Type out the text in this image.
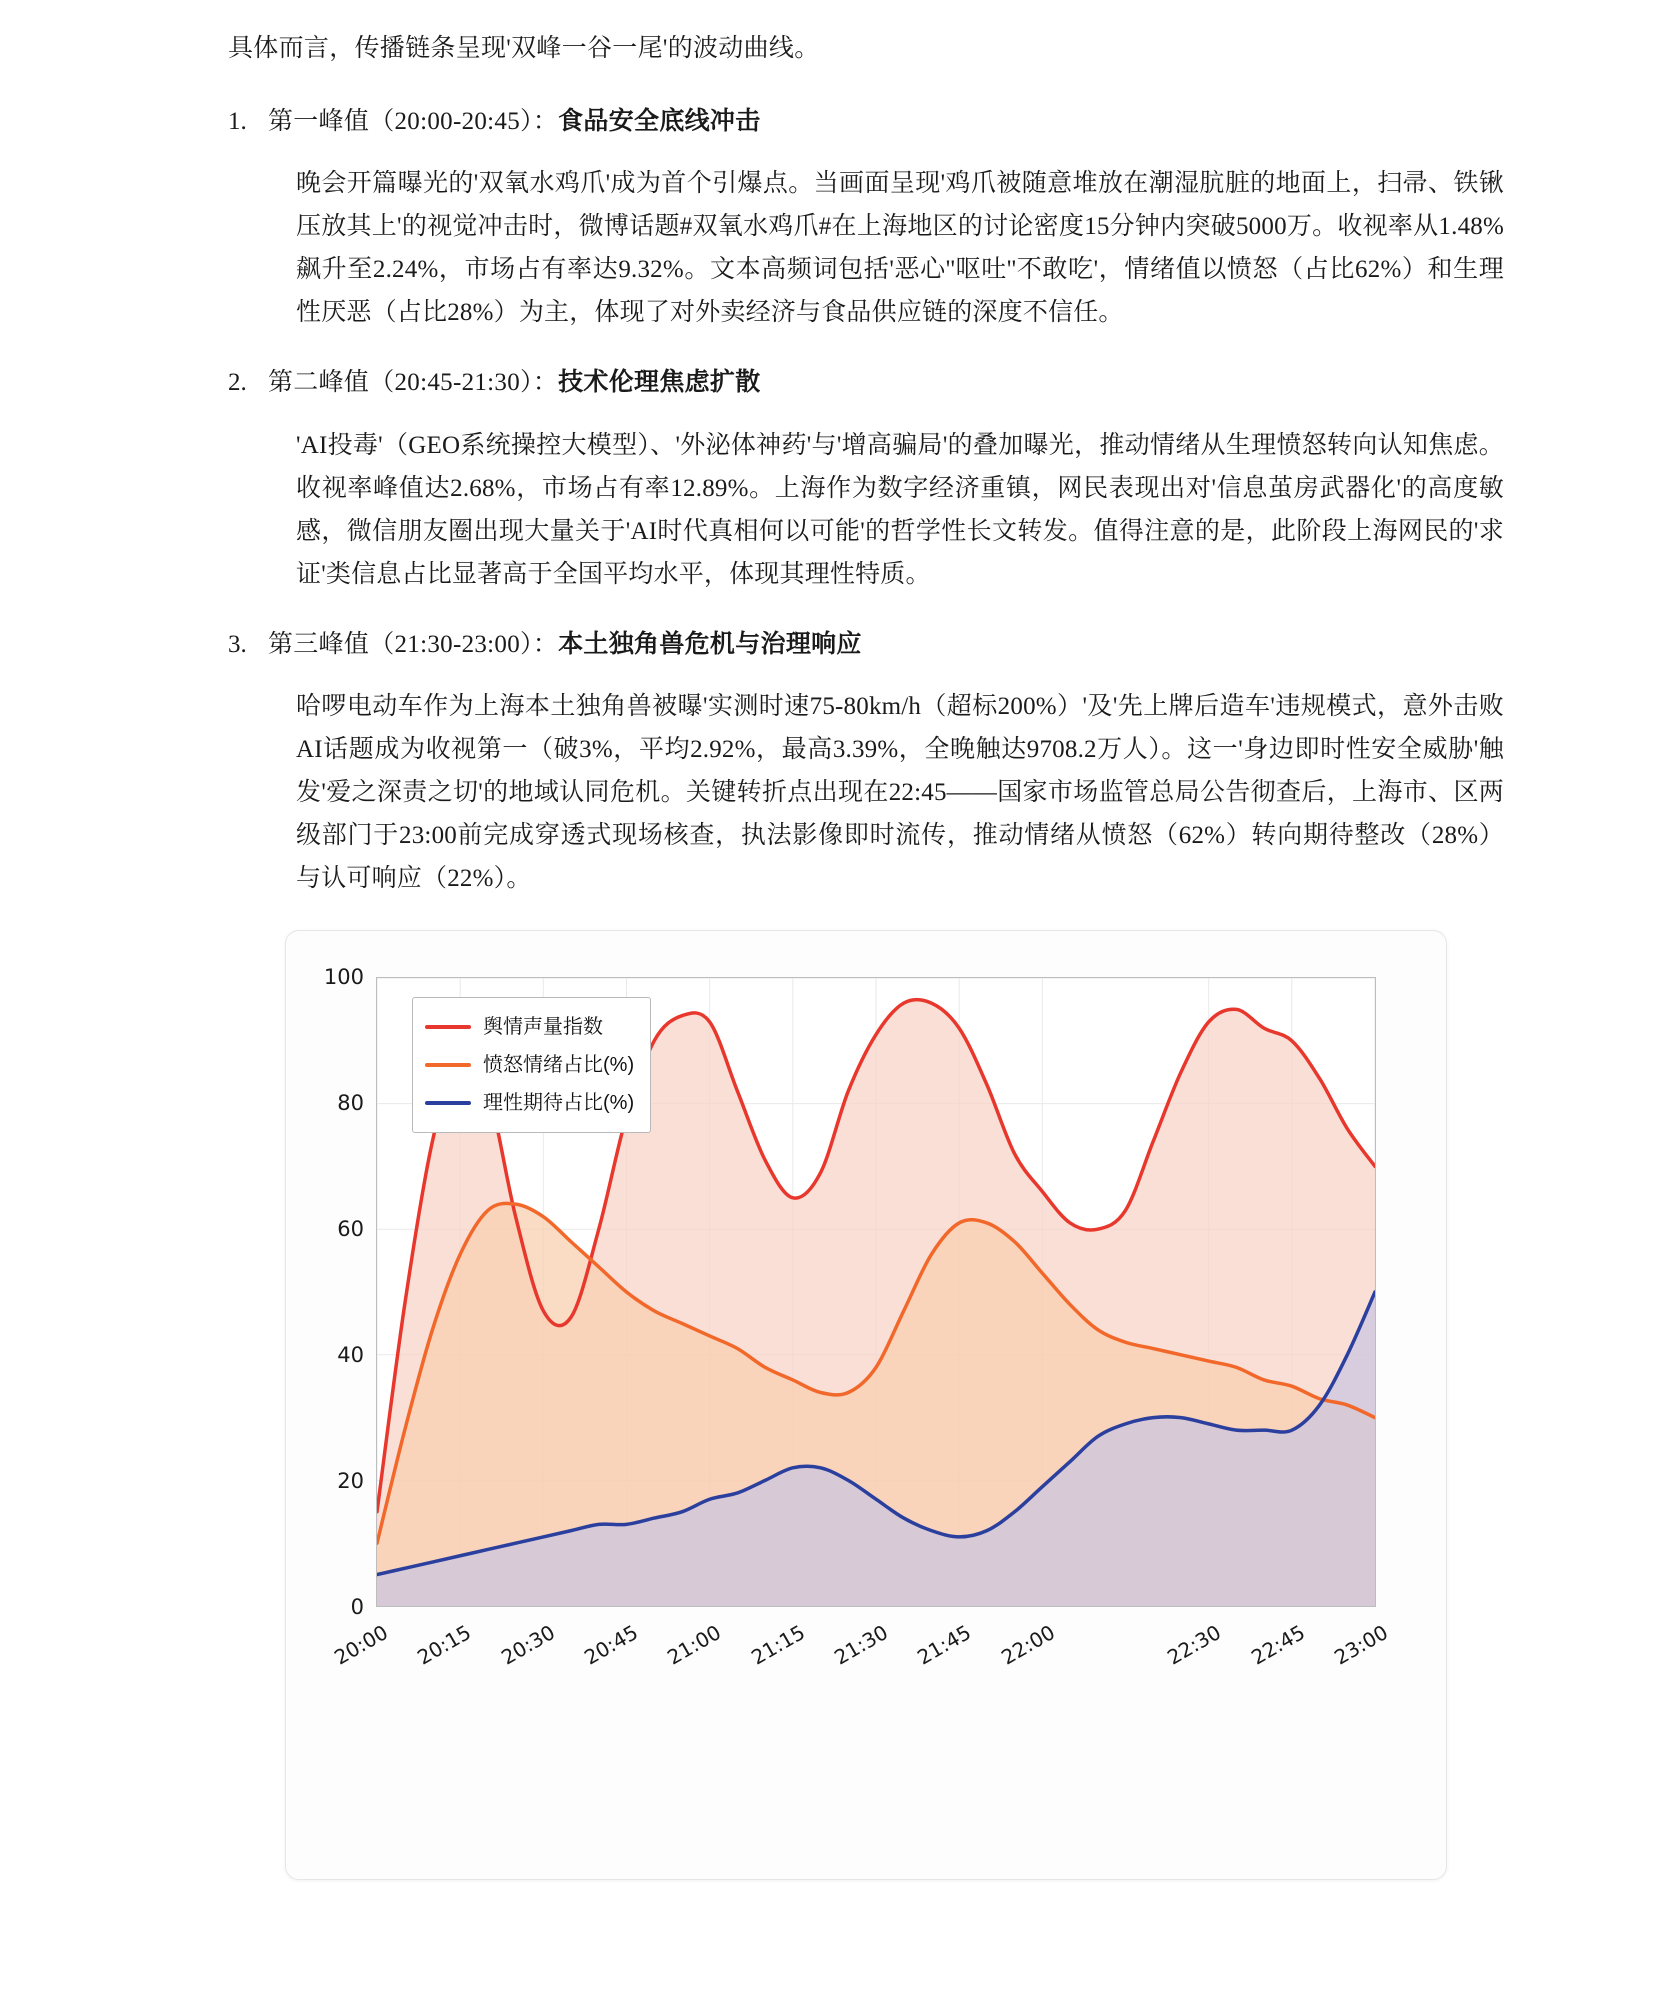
具体而言，传播链条呈现'双峰一谷一尾'的波动曲线。

第一峰值（20:00-20:45）：食品安全底线冲击

晚会开篇曝光的'双氧水鸡爪'成为首个引爆点。当画面呈现'鸡爪被随意堆放在潮湿肮脏的地面上，扫帚、铁锹压放其上'的视觉冲击时，微博话题#双氧水鸡爪#在上海地区的讨论密度15分钟内突破5000万。收视率从1.48%飙升至2.24%，市场占有率达9.32%。文本高频词包括'恶心''呕吐''不敢吃'，情绪值以愤怒（占比62%）和生理性厌恶（占比28%）为主，体现了对外卖经济与食品供应链的深度不信任。

第二峰值（20:45-21:30）：技术伦理焦虑扩散

'AI投毒'（GEO系统操控大模型）、'外泌体神药'与'增高骗局'的叠加曝光，推动情绪从生理愤怒转向认知焦虑。收视率峰值达2.68%，市场占有率12.89%。上海作为数字经济重镇，网民表现出对'信息茧房武器化'的高度敏感，微信朋友圈出现大量关于'AI时代真相何以可能'的哲学性长文转发。值得注意的是，此阶段上海网民的'求证'类信息占比显著高于全国平均水平，体现其理性特质。

第三峰值（21:30-23:00）：本土独角兽危机与治理响应

哈啰电动车作为上海本土独角兽被曝'实测时速75-80km/h（超标200%）'及'先上牌后造车'违规模式，意外击败AI话题成为收视第一（破3%，平均2.92%，最高3.39%，全晚触达9708.2万人）。这一'身边即时性安全威胁'触发'爱之深责之切'的地域认同危机。关键转折点出现在22:45——国家市场监管总局公告彻查后，上海市、区两级部门于23:00前完成穿透式现场核查，执法影像即时流传，推动情绪从愤怒（62%）转向期待整改（28%）与认可响应（22%）。

0
20
40
60
80
100
舆情声量指数
愤怒情绪占比(%)
理性期待占比(%)
20:00	20:15	20:30	20:45	21:00	21:15	21:30	21:45	22:00	22:30	22:45	23:00
